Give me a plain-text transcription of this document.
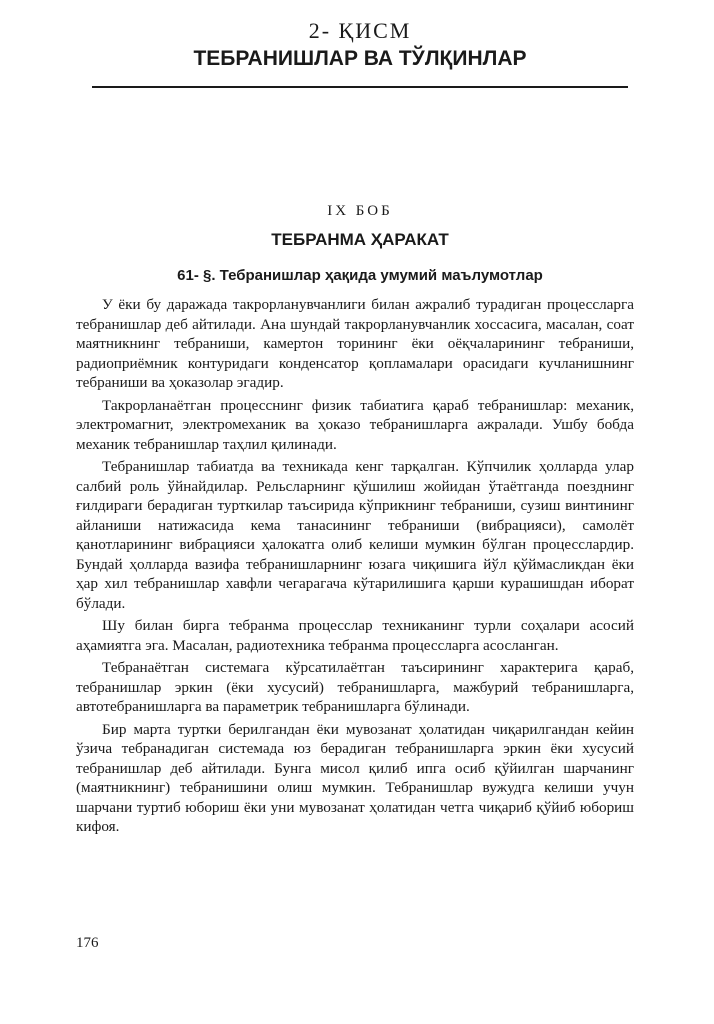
2- ҚИСМ
ТЕБРАНИШЛАР ВА ТЎЛҚИНЛАР
IX БОБ
ТЕБРАНМА ҲАРАКАТ
61- §. Тебранишлар ҳақида умумий маълумотлар

У ёки бу даражада такрорланувчанлиги билан ажралиб турадиган процессларга тебранишлар деб айтилади. Ана шундай такрорланувчанлик хоссасига, масалан, соат маятникнинг тебраниши, камертон торининг ёки оёқчаларининг тебраниши, радиоприёмник контуридаги конденсатор қопламалари орасидаги кучланишнинг тебраниши ва ҳоказолар эгадир.

Такрорланаётган процесснинг физик табиатига қараб тебранишлар: механик, электромагнит, электромеханик ва ҳоказо тебранишларга ажралади. Ушбу бобда механик тебранишлар таҳлил қилинади.

Тебранишлар табиатда ва техникада кенг тарқалган. Кўпчилик ҳолларда улар салбий роль ўйнайдилар. Рельсларнинг қўшилиш жойидан ўтаётганда поезднинг ғилдираги берадиган турткилар таъсирида кўприкнинг тебраниши, сузиш винтининг айланиши натижасида кема танасининг тебраниши (вибрацияси), самолёт қанотларининг вибрацияси ҳалокатга олиб келиши мумкин бўлган процесслардир. Бундай ҳолларда вазифа тебранишларнинг юзага чиқишига йўл қўймасликдан ёки ҳар хил тебранишлар хавфли чегарагача кўтарилишига қарши курашишдан иборат бўлади.

Шу билан бирга тебранма процесслар техникaнинг турли соҳалари асосий аҳамиятга эга. Масалан, радиотехника тебранма процессларга асосланган.

Тебранаётган системага кўрсатилаётган таъсирининг характерига қараб, тебранишлар эркин (ёки хусусий) тебранишларга, мажбурий тебранишларга, автотебранишларга ва параметрик тебранишларга бўлинади.

Бир марта туртки берилгандан ёки мувозанат ҳолатидан чиқарилгандан кейин ўзича тебранадиган системада юз берадиган тебранишларга эркин ёки хусусий тебранишлар деб айтилади. Бунга мисол қилиб ипга осиб қўйилган шарчанинг (маятникнинг) тебранишини олиш мумкин. Тебранишлар вужудга келиши учун шарчани туртиб юбориш ёки уни мувозанат ҳолатидан четга чиқариб қўйиб юбориш кифоя.

176
